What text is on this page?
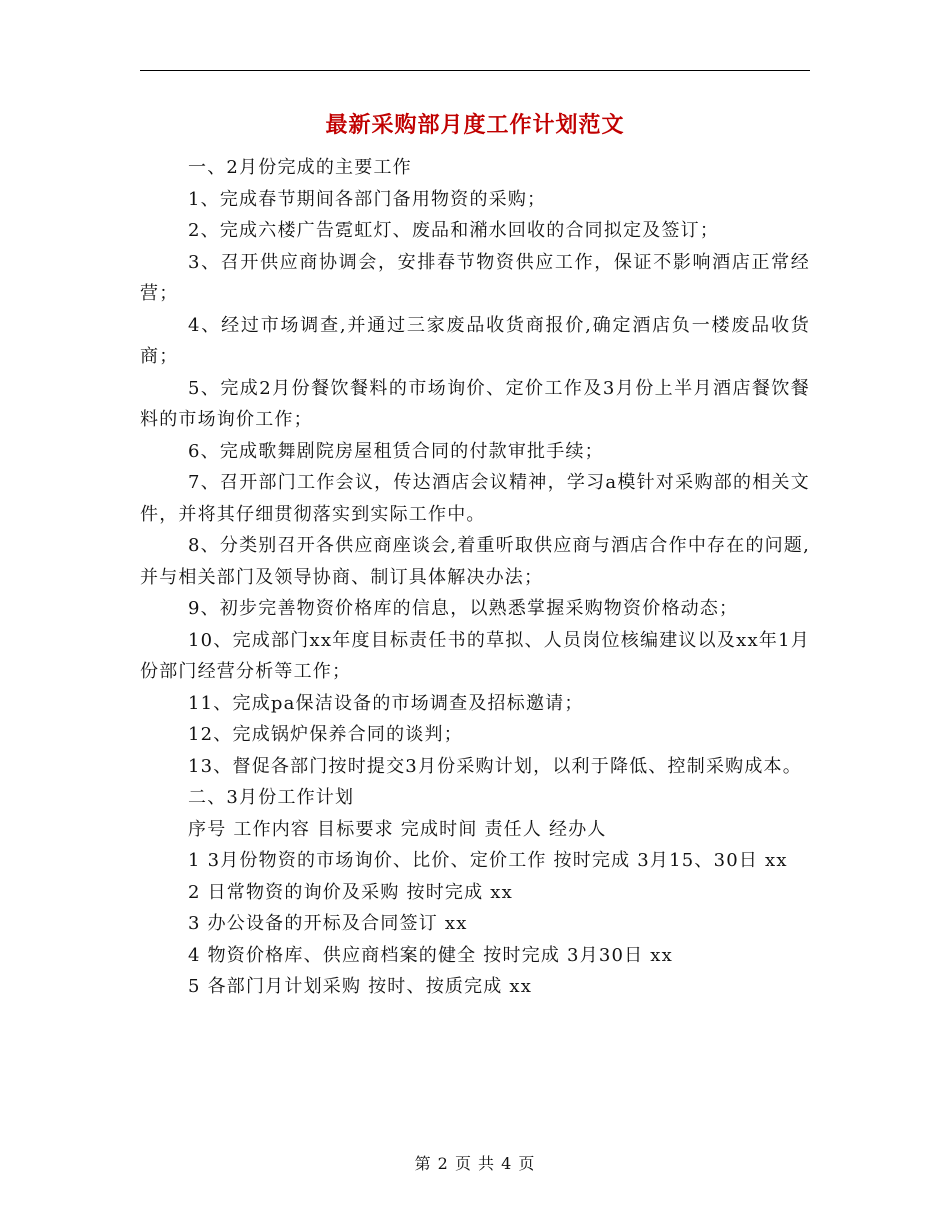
最新采购部月度工作计划范文

一、2月份完成的主要工作

1、完成春节期间各部门备用物资的采购；

2、完成六楼广告霓虹灯、废品和潲水回收的合同拟定及签订；

3、召开供应商协调会，安排春节物资供应工作，保证不影响酒店正常经营；

4、经过市场调查,并通过三家废品收货商报价,确定酒店负一楼废品收货商；

5、完成2月份餐饮餐料的市场询价、定价工作及3月份上半月酒店餐饮餐料的市场询价工作；

6、完成歌舞剧院房屋租赁合同的付款审批手续；

7、召开部门工作会议，传达酒店会议精神，学习a模针对采购部的相关文件，并将其仔细贯彻落实到实际工作中。

8、分类别召开各供应商座谈会,着重听取供应商与酒店合作中存在的问题,并与相关部门及领导协商、制订具体解决办法；

9、初步完善物资价格库的信息，以熟悉掌握采购物资价格动态；

10、完成部门xx年度目标责任书的草拟、人员岗位核编建议以及xx年1月份部门经营分析等工作；

11、完成pa保洁设备的市场调查及招标邀请；

12、完成锅炉保养合同的谈判；

13、督促各部门按时提交3月份采购计划，以利于降低、控制采购成本。

二、3月份工作计划

序号 工作内容 目标要求 完成时间 责任人 经办人

1 3月份物资的市场询价、比价、定价工作 按时完成 3月15、30日 xx

2 日常物资的询价及采购 按时完成 xx

3 办公设备的开标及合同签订 xx

4 物资价格库、供应商档案的健全 按时完成 3月30日 xx

5 各部门月计划采购 按时、按质完成 xx

第 2 页 共 4 页
